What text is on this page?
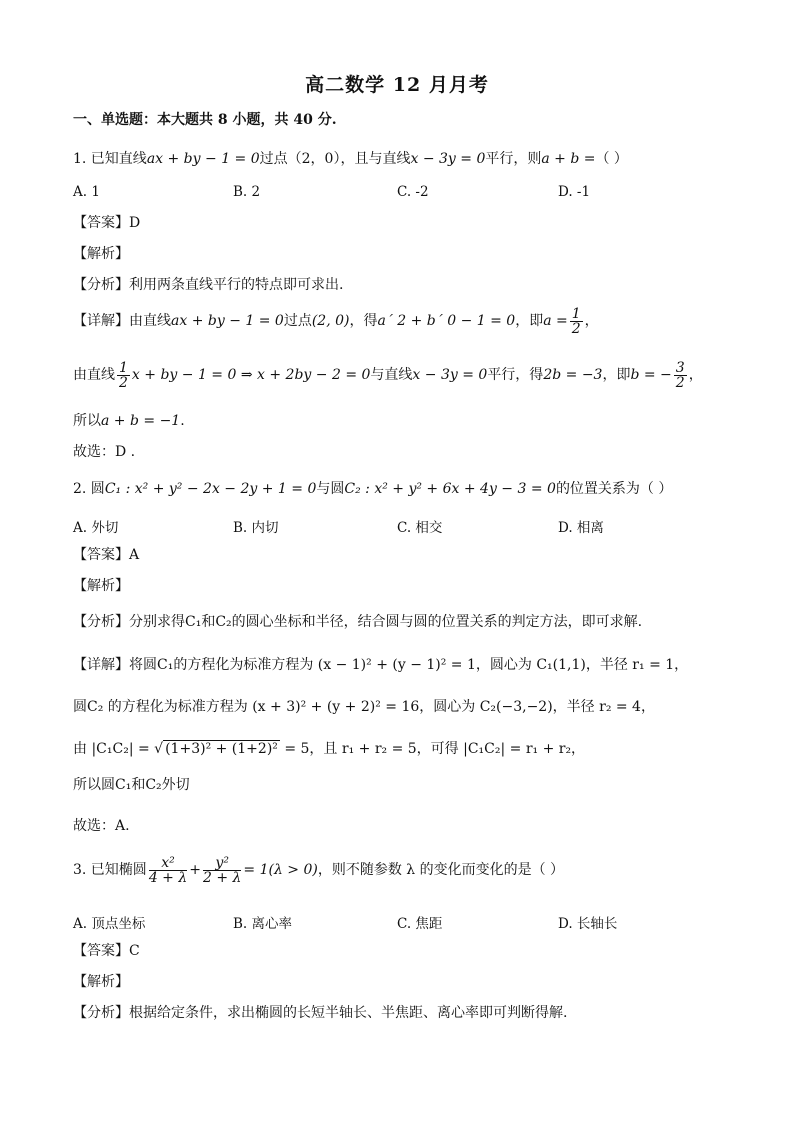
高二数学 12 月月考
一、单选题：本大题共 8 小题，共 40 分.
1. 已知直线ax + by − 1 = 0过点（2，0），且与直线x − 3y = 0平行，则a + b =（ ）
A. 1	B. 2	C. -2	D. -1
【答案】D
【解析】
【分析】利用两条直线平行的特点即可求出.
【详解】由直线ax + by − 1 = 0过点(2, 0)，得a´ 2 + b´ 0 − 1 = 0，即$a = \frac{1}{2}$ ，
由直线 $\frac{1}{2}$ x + by − 1 = 0 ⇒ x + 2by − 2 = 0与直线x − 3y = 0平行，得2b = −3，即b = − $\frac{3}{2}$ ，
所以a + b = −1.
故选：D .
2. 圆C₁ : x² + y² − 2x − 2y + 1 = 0与圆C₂ : x² + y² + 6x + 4y − 3 = 0的位置关系为（ ）
A. 外切	B. 内切	C. 相交	D. 相离
【答案】A
【解析】
【分析】分别求得C₁和C₂的圆心坐标和半径，结合圆与圆的位置关系的判定方法，即可求解.
【详解】将圆C₁的方程化为标准方程为 (x − 1)² + (y − 1)² = 1，圆心为 C₁(1,1)，半径 r₁ = 1，
圆C₂ 的方程化为标准方程为 (x + 3)² + (y + 2)² = 16，圆心为 C₂(−3,−2)，半径 r₂ = 4，
由 |C₁C₂| = √ (1+3)² + (1+2)² = 5，且 r₁ + r₂ = 5，可得 |C₁C₂| = r₁ + r₂，
所以圆C₁和C₂外切
故选：A.
3. 已知椭圆 $\frac{\text{x²}}{4 + \lambda} + \frac{\text{y²}}{2 + \lambda} = 1(\lambda > 0)$，则不随参数 λ 的变化而变化的是（ ）
A. 顶点坐标	B. 离心率	C. 焦距	D. 长轴长
【答案】C
【解析】
【分析】根据给定条件，求出椭圆的长短半轴长、半焦距、离心率即可判断得解.
